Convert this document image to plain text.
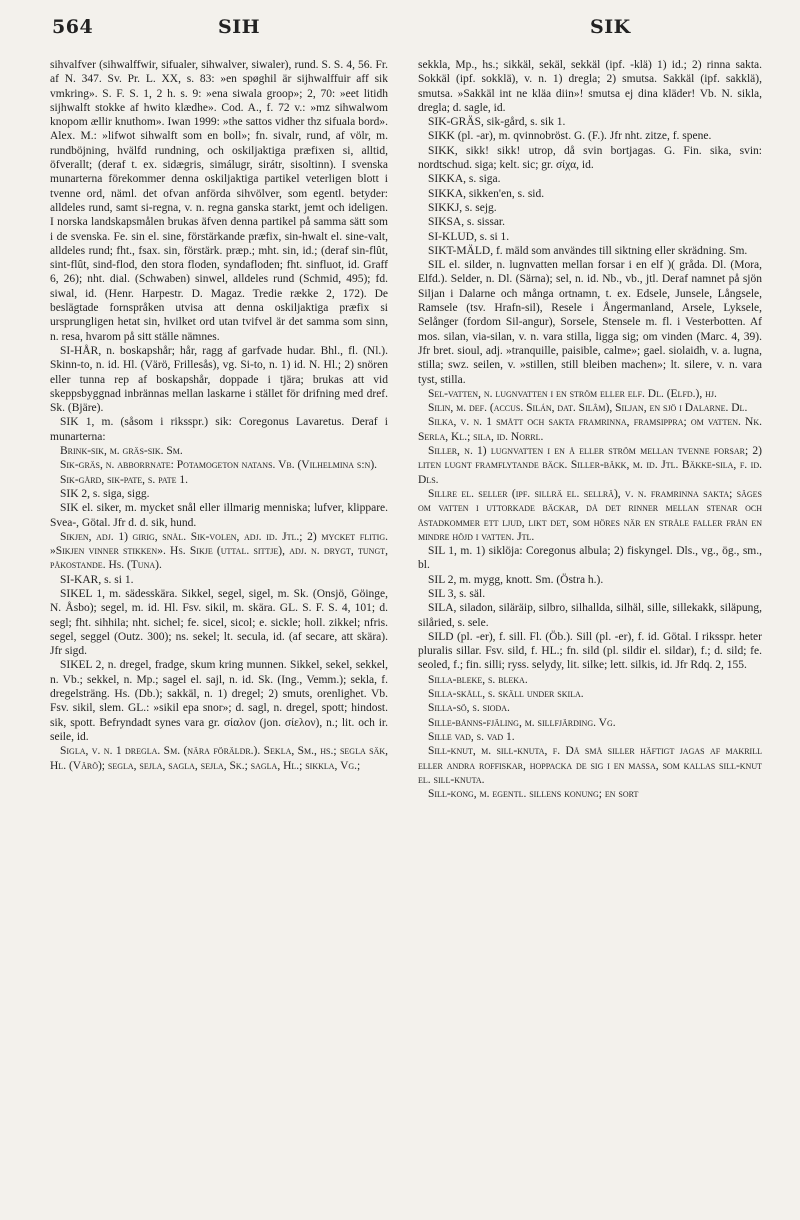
564	SIH	SIK

sihvalfver (sihwalffwir, sifualer, sihwalver, siwaler), rund. S. S. 4, 56. Fr. af N. 347. Sv. Pr. L. XX, s. 83: »en spøghil är sijhwalffuir aff sik vmkring». S. F. S. 1, 2 h. s. 9: »ena siwala groop»; 2, 70: »eet litidh sijhwalft stokke af hwito klædhe». Cod. A., f. 72 v.: »mz sihwalwom knopom ællir knuthom». Iwan 1999: »the sattos vidher thz sifuala bord». Alex. M.: »lifwot sihwalft som en boll»; fn. sivalr, rund, af völr, m. rundböjning, hvälfd rundning, och oskiljaktiga præfixen si, alltid, öfverallt; (deraf t. ex. sidægris, simálugr, sirátr, sisoltinn). I svenska munarterna förekommer denna oskiljaktiga partikel veterligen blott i tvenne ord, näml. det ofvan anförda sihvölver, som egentl. betyder: alldeles rund, samt si-regna, v. n. regna ganska starkt, jemt och ideligen. I norska landskapsmålen brukas äfven denna partikel på samma sätt som i de svenska. Fe. sin el. sine, förstärkande præfix, sin-hwalt el. sine-valt, alldeles rund; fht., fsax. sin, förstärk. præp.; mht. sin, id.; (deraf sin-flût, sint-flût, sind-flod, den stora floden, syndafloden; fht. sinfluot, id. Graff 6, 26); nht. dial. (Schwaben) sinwel, alldeles rund (Schmid, 495); fd. siwal, id. (Henr. Harpestr. D. Magaz. Tredie række 2, 172). De beslägtade fornspråken utvisa att denna oskiljaktiga præfix si ursprungligen hetat sin, hvilket ord utan tvifvel är det samma som sinn, n. resa, hvarom på sitt ställe nämnes.

SI-HÅR, n. boskapshår; hår, ragg af garfvade hudar. Bhl., fl. (Nl.). Skinn-to, n. id. Hl. (Värö, Frillesås), vg. Si-to, n. 1) id. N. Hl.; 2) snören eller tunna rep af boskapshår, doppade i tjära; brukas att vid skeppsbyggnad inbrännas mellan laskarne i stället för drifning med dref. Sk. (Bjäre).

SIK 1, m. (såsom i riksspr.) sik: Coregonus Lavaretus. Deraf i munarterna:

Brink-sik, m. gräs-sik. Sm.

Sik-gräs, n. abborrnate: Potamogeton natans. Vb. (Vilhelmina s:n).

Sik-gård, sik-pate, s. pate 1.

SIK 2, s. siga, sigg.

SIK el. siker, m. mycket snål eller illmarig menniska; lufver, klippare. Svea-, Götal. Jfr d. d. sik, hund.

Sikjen, adj. 1) girig, snål. Sik-volen, adj. id. Jtl.; 2) mycket flitig. »Sikjen vinner stikken». Hs. Sikje (uttal. sittje), adj. n. drygt, tungt, påkostande. Hs. (Tuna).

SI-KAR, s. si 1.

SIKEL 1, m. sädesskära. Sikkel, segel, sigel, m. Sk. (Onsjö, Göinge, N. Åsbo); segel, m. id. Hl. Fsv. sikil, m. skära. GL. S. F. S. 4, 101; d. segl; fht. sihhila; nht. sichel; fe. sicel, sicol; e. sickle; holl. zikkel; nfris. segel, seggel (Outz. 300); ns. sekel; lt. secula, id. (af secare, att skära). Jfr sigd.

SIKEL 2, n. dregel, fradge, skum kring munnen. Sikkel, sekel, sekkel, n. Vb.; sekkel, n. Mp.; sagel el. sajl, n. id. Sk. (Ing., Vemm.); sekla, f. dregelsträng. Hs. (Db.); sakkäl, n. 1) dregel; 2) smuts, orenlighet. Vb. Fsv. sikil, slem. GL.: »sikil epa snor»; d. sagl, n. dregel, spott; hindost. sik, spott. Befryndadt synes vara gr. σίαλον (jon. σίελον), n.; lit. och ir. seile, id.

Sigla, v. n. 1 dregla. Sm. (nära föräldr.). Sekla, Sm., hs.; segla säk, Hl. (Värö); segla, sejla, sagla, sejla, Sk.; sagla, Hl.; sikkla, Vg.;

sekkla, Mp., hs.; sikkäl, sekäl, sekkäl (ipf. -klä) 1) id.; 2) rinna sakta. Sokkäl (ipf. sokklä), v. n. 1) dregla; 2) smutsa. Sakkäl (ipf. sakklä), smutsa. »Sakkäl int ne kläa diin»! smutsa ej dina kläder! Vb. N. sikla, dregla; d. sagle, id.

SIK-GRÄS, sik-gård, s. sik 1.

SIKK (pl. -ar), m. qvinnobröst. G. (F.). Jfr nht. zitze, f. spene.

SIKK, sikk! sikk! utrop, då svin bortjagas. G. Fin. sika, svin: nordtschud. siga; kelt. sic; gr. σίχα, id.

SIKKA, s. siga.

SIKKA, sikken'en, s. sid.

SIKKJ, s. sejg.

SIKSA, s. sissar.

SI-KLUD, s. si 1.

SIKT-MÄLD, f. mäld som användes till siktning eller skrädning. Sm.

SIL el. silder, n. lugnvatten mellan forsar i en elf )( gråda. Dl. (Mora, Elfd.). Selder, n. Dl. (Särna); sel, n. id. Nb., vb., jtl. Deraf namnet på sjön Siljan i Dalarne och många ortnamn, t. ex. Edsele, Junsele, Långsele, Ramsele (tsv. Hrafn-sil), Resele i Ångermanland, Arsele, Lyksele, Selånger (fordom Sil-angur), Sorsele, Stensele m. fl. i Vesterbotten. Af mos. silan, via-silan, v. n. vara stilla, ligga sig; om vinden (Marc. 4, 39). Jfr bret. sioul, adj. »tranquille, paisible, calme»; gael. siolaidh, v. a. lugna, stilla; swz. seilen, v. »stillen, still bleiben machen»; lt. silere, v. n. vara tyst, stilla.

Sel-vatten, n. lugnvatten i en ström eller elf. Dl. (Elfd.), hj.

Silin, m. def. (accus. Silán, dat. Silâm), Siljan, en sjö i Dalarne. Dl.

Silka, v. n. 1 smått och sakta framrinna, framsippra; om vatten. Nk. Serla, Kl.; sila, id. Norrl.

Siller, n. 1) lugnvatten i en å eller ström mellan tvenne forsar; 2) liten lugnt framflytande bäck. Siller-bäkk, m. id. Jtl. Bäkke-sila, f. id. Dls.

Sillre el. seller (ipf. sillrä el. sellrä), v. n. framrinna sakta; säges om vatten i uttorkade bäckar, då det rinner mellan stenar och åstadkommer ett ljud, likt det, som höres när en stråle faller från en mindre höjd i vatten. Jtl.

SIL 1, m. 1) siklöja: Coregonus albula; 2) fiskyngel. Dls., vg., ög., sm., bl.

SIL 2, m. mygg, knott. Sm. (Östra h.).

SIL 3, s. säl.

SILA, siladon, siläräip, silbro, silhallda, silhäl, sille, sillekakk, siläpung, silåried, s. sele.

SILD (pl. -er), f. sill. Fl. (Öb.). Sill (pl. -er), f. id. Götal. I riksspr. heter pluralis sillar. Fsv. sild, f. HL.; fn. sild (pl. sildir el. sildar), f.; d. sild; fe. seoled, f.; fin. silli; ryss. selydy, lit. silke; lett. silkis, id. Jfr Rdq. 2, 155.

Silla-bleke, s. bleka.

Silla-skåll, s. skäll under skila.

Silla-sö, s. sioda.

Sille-bånns-fjäling, m. sillfjärding. Vg.

Sille vad, s. vad 1.

Sill-knut, m. sill-knuta, f. Då små siller häftigt jagas af makrill eller andra roffiskar, hoppacka de sig i en massa, som kallas sill-knut el. sill-knuta.

Sill-kong, m. egentl. sillens konung; en sort
